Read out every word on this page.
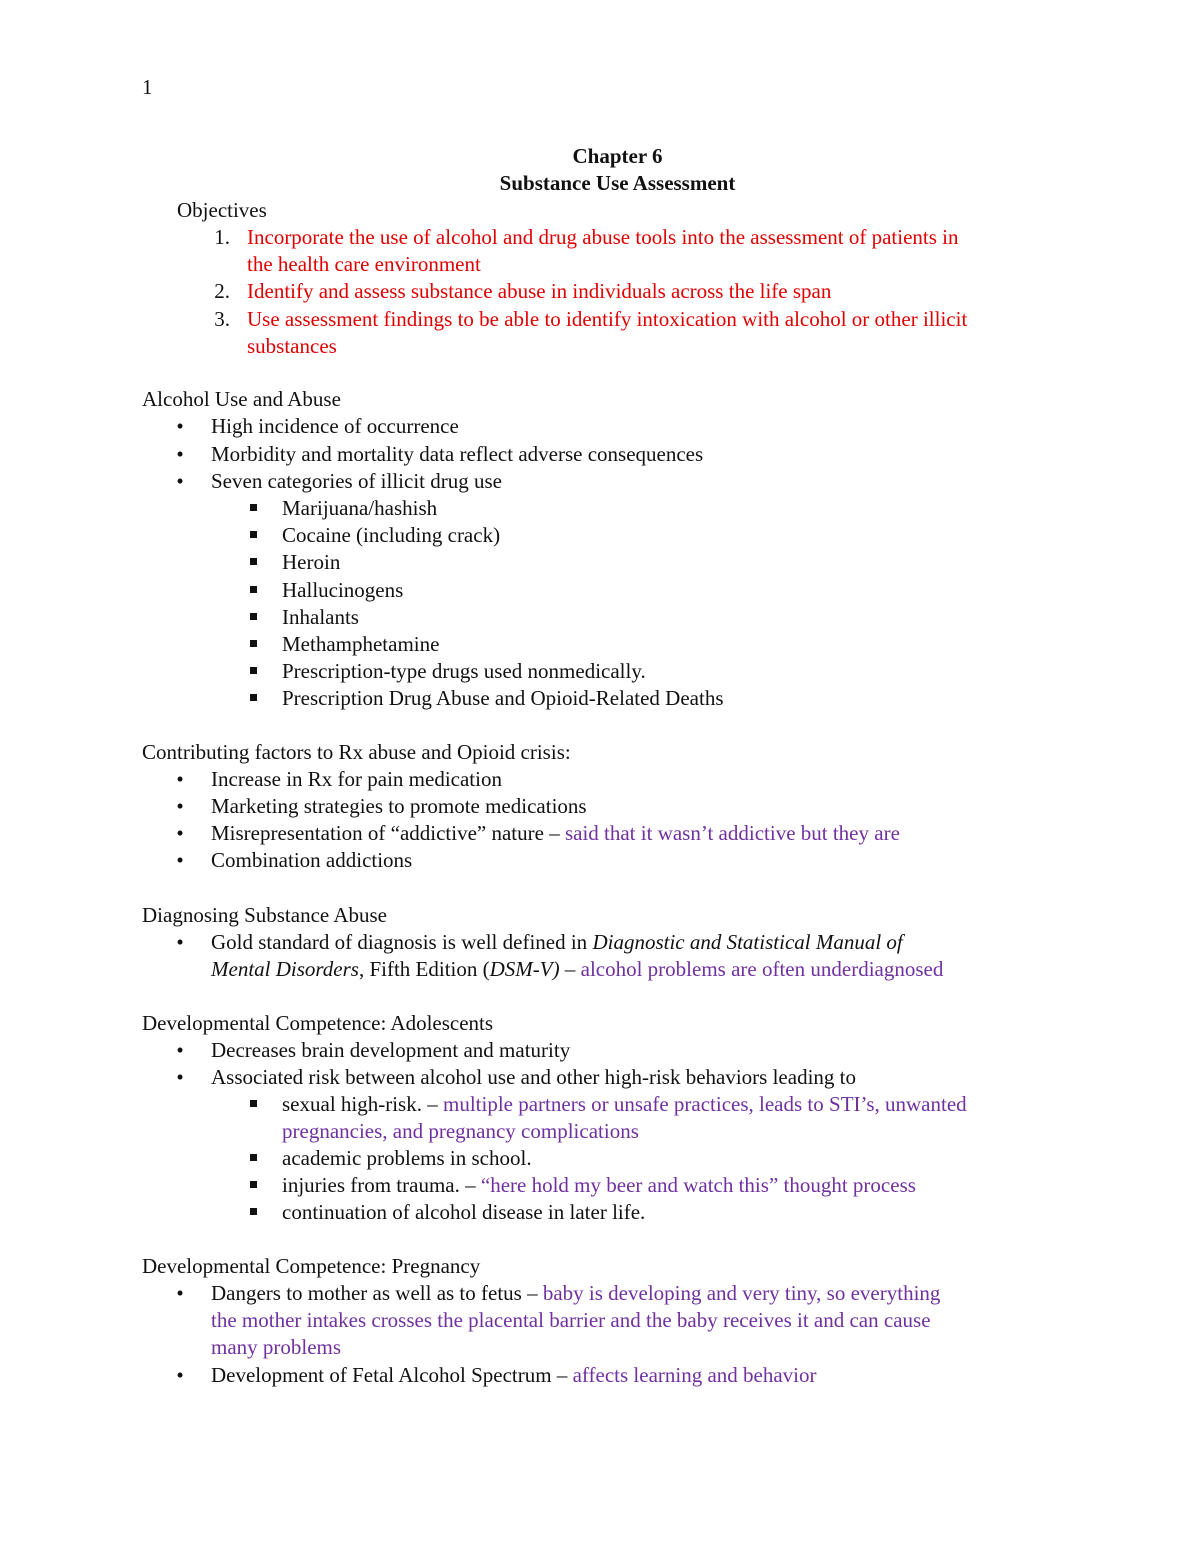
1
Chapter 6
Substance Use Assessment
Objectives
1. Incorporate the use of alcohol and drug abuse tools into the assessment of patients in
the health care environment
2. Identify and assess substance abuse in individuals across the life span
3. Use assessment findings to be able to identify intoxication with alcohol or other illicit
substances
Alcohol Use and Abuse
•	High incidence of occurrence
•	Morbidity and mortality data reflect adverse consequences
•	Seven categories of illicit drug use
Marijuana/hashish
Cocaine (including crack)
Heroin
Hallucinogens
Inhalants
Methamphetamine
Prescription-type drugs used nonmedically.
Prescription Drug Abuse and Opioid-Related Deaths
Contributing factors to Rx abuse and Opioid crisis:
•	Increase in Rx for pain medication
•	Marketing strategies to promote medications
•	Misrepresentation of “addictive” nature – said that it wasn’t addictive but they are
•	Combination addictions
Diagnosing Substance Abuse
•	Gold standard of diagnosis is well defined in Diagnostic and Statistical Manual of
Mental Disorders, Fifth Edition (DSM-V) – alcohol problems are often underdiagnosed
Developmental Competence: Adolescents
•	Decreases brain development and maturity
•	Associated risk between alcohol use and other high-risk behaviors leading to
sexual high-risk. – multiple partners or unsafe practices, leads to STI’s, unwanted
pregnancies, and pregnancy complications
academic problems in school.
injuries from trauma. – “here hold my beer and watch this” thought process
continuation of alcohol disease in later life.
Developmental Competence: Pregnancy
•	Dangers to mother as well as to fetus – baby is developing and very tiny, so everything
the mother intakes crosses the placental barrier and the baby receives it and can cause
many problems
•	Development of Fetal Alcohol Spectrum – affects learning and behavior
